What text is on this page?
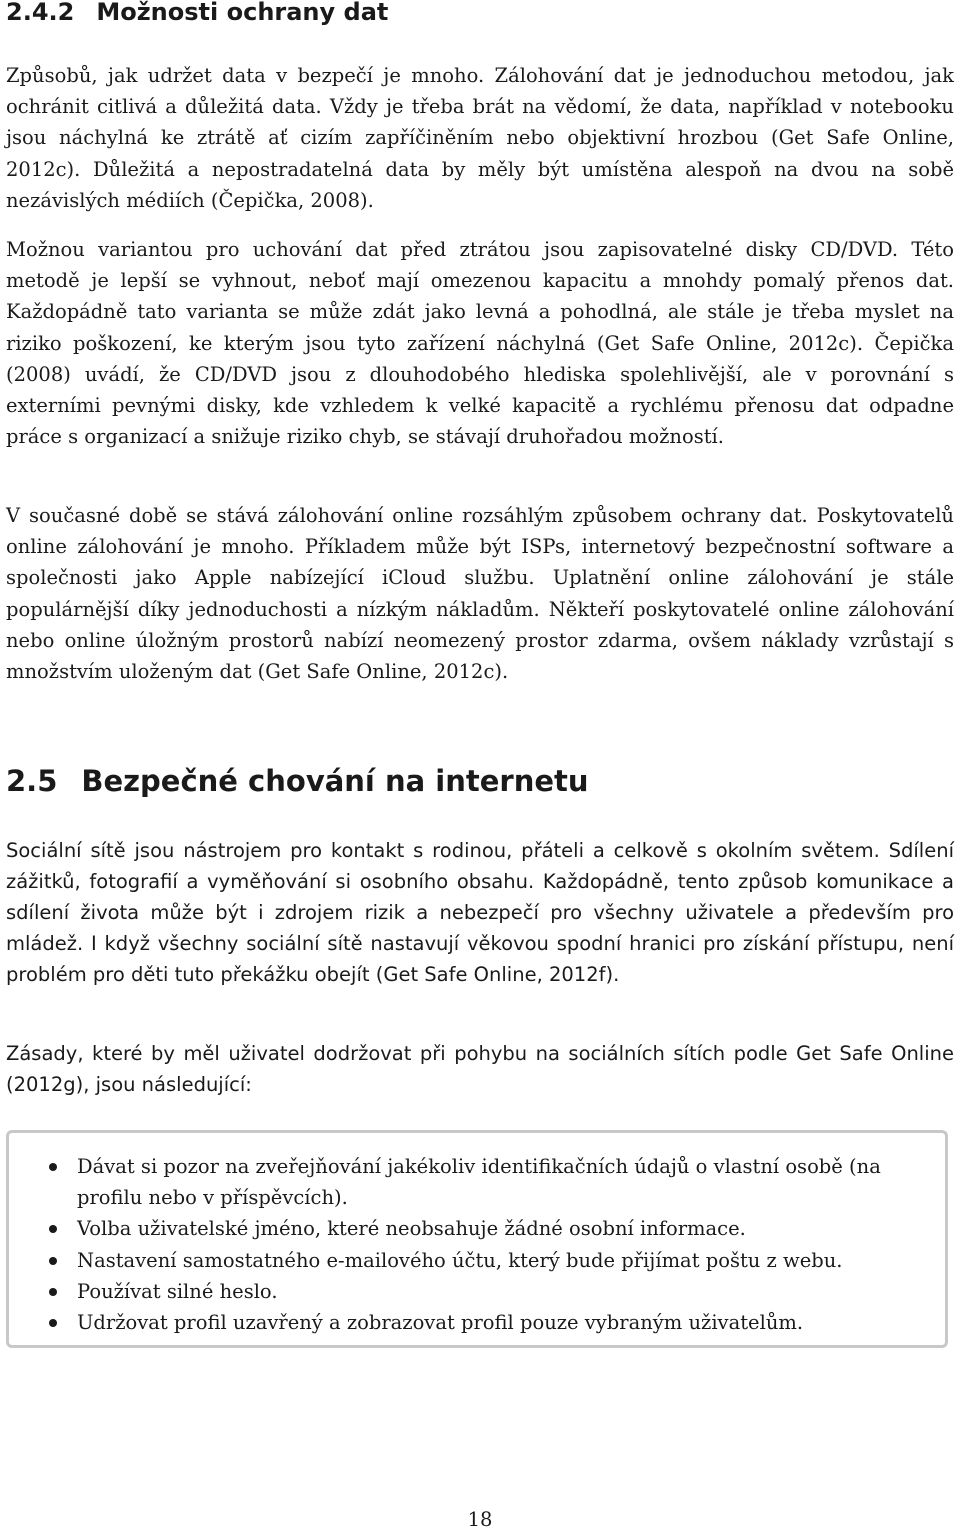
2.4.2 Možnosti ochrany dat

Způsobů, jak udržet data v bezpečí je mnoho. Zálohování dat je jednoduchou metodou, jak ochránit citlivá a důležitá data. Vždy je třeba brát na vědomí, že data, například v notebooku jsou náchylná ke ztrátě ať cizím zapříčiněním nebo objektivní hrozbou (Get Safe Online, 2012c). Důležitá a nepostradatelná data by měly být umístěna alespoň na dvou na sobě nezávislých médiích (Čepička, 2008).

Možnou variantou pro uchování dat před ztrátou jsou zapisovatelné disky CD/DVD. Této metodě je lepší se vyhnout, neboť mají omezenou kapacitu a mnohdy pomalý přenos dat. Každopádně tato varianta se může zdát jako levná a pohodlná, ale stále je třeba myslet na riziko poškození, ke kterým jsou tyto zařízení náchylná (Get Safe Online, 2012c). Čepička (2008) uvádí, že CD/DVD jsou z dlouhodobého hlediska spolehlivější, ale v porovnání s externími pevnými disky, kde vzhledem k velké kapacitě a rychlému přenosu dat odpadne práce s organizací a snižuje riziko chyb, se stávají druhořadou možností.

V současné době se stává zálohování online rozsáhlým způsobem ochrany dat. Poskytovatelů online zálohování je mnoho. Příkladem může být ISPs, internetový bezpečnostní software a společnosti jako Apple nabízející iCloud službu. Uplatnění online zálohování je stále populárnější díky jednoduchosti a nízkým nákladům. Někteří poskytovatelé online zálohování nebo online úložným prostorů nabízí neomezený prostor zdarma, ovšem náklady vzrůstají s množstvím uloženým dat (Get Safe Online, 2012c).

2.5 Bezpečné chování na internetu

Sociální sítě jsou nástrojem pro kontakt s rodinou, přáteli a celkově s okolním světem. Sdílení zážitků, fotografií a vyměňování si osobního obsahu. Každopádně, tento způsob komunikace a sdílení života může být i zdrojem rizik a nebezpečí pro všechny uživatele a především pro mládež. I když všechny sociální sítě nastavují věkovou spodní hranici pro získání přístupu, není problém pro děti tuto překážku obejít (Get Safe Online, 2012f).

Zásady, které by měl uživatel dodržovat při pohybu na sociálních sítích podle Get Safe Online (2012g), jsou následující:

Dávat si pozor na zveřejňování jakékoliv identifikačních údajů o vlastní osobě (na profilu nebo v příspěvcích).
Volba uživatelské jméno, které neobsahuje žádné osobní informace.
Nastavení samostatného e-mailového účtu, který bude přijímat poštu z webu.
Používat silné heslo.
Udržovat profil uzavřený a zobrazovat profil pouze vybraným uživatelům.

18
